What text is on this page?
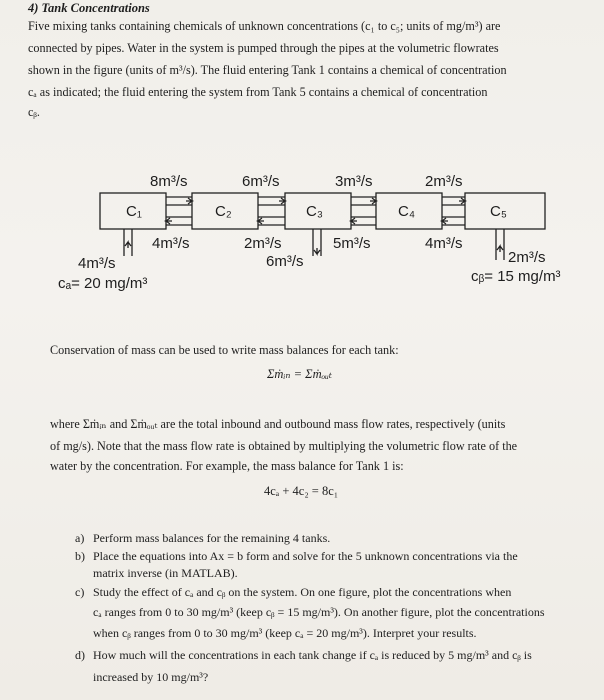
4) Tank Concentrations
Five mixing tanks containing chemicals of unknown concentrations (c₁ to c₅; units of mg/m³) are
connected by pipes. Water in the system is pumped through the pipes at the volumetric flowrates
shown in the figure (units of m³/s). The fluid entering Tank 1 contains a chemical of concentration
cₐ as indicated; the fluid entering the system from Tank 5 contains a chemical of concentration
cᵦ.
C₁	C₂	C₃	C₄	C₅
8m³/s	6m³/s	3m³/s	2m³/s
4m³/s	2m³/s	5m³/s	4m³/s
4m³/s
cₐ= 20 mg/m³
6m³/s	2m³/s
cᵦ= 15 mg/m³
Conservation of mass can be used to write mass balances for each tank:
Σṁᵢₙ = Σṁₒᵤₜ
where Σṁᵢₙ and Σṁₒᵤₜ are the total inbound and outbound mass flow rates, respectively (units
of mg/s). Note that the mass flow rate is obtained by multiplying the volumetric flow rate of the
water by the concentration. For example, the mass balance for Tank 1 is:
4cₐ + 4c₂ = 8c₁
a) Perform mass balances for the remaining 4 tanks.
b) Place the equations into Ax = b form and solve for the 5 unknown concentrations via the
matrix inverse (in MATLAB).
c) Study the effect of cₐ and cᵦ on the system. On one figure, plot the concentrations when
cₐ ranges from 0 to 30 mg/m³ (keep cᵦ = 15 mg/m³). On another figure, plot the concentrations
when cᵦ ranges from 0 to 30 mg/m³ (keep cₐ = 20 mg/m³). Interpret your results.
d) How much will the concentrations in each tank change if cₐ is reduced by 5 mg/m³ and cᵦ is
increased by 10 mg/m³?
